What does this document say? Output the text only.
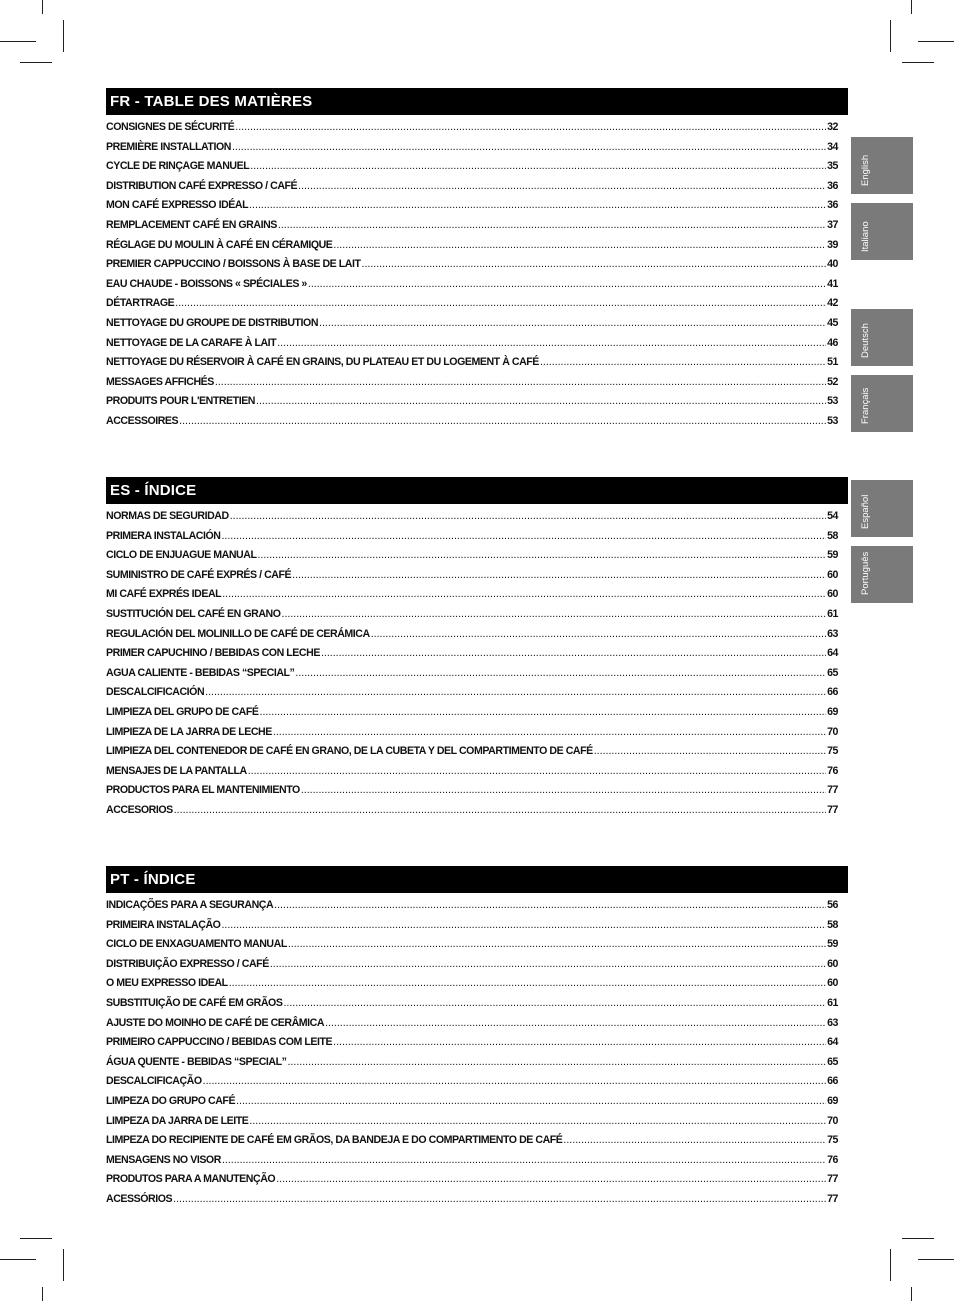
FR - TABLE DES MATIÈRES
CONSIGNES DE SÉCURITÉ .....	32
PREMIÈRE INSTALLATION .....	34
CYCLE DE RINÇAGE MANUEL .....	35
DISTRIBUTION CAFÉ EXPRESSO / CAFÉ .....	36
MON CAFÉ EXPRESSO IDÉAL .....	36
REMPLACEMENT CAFÉ EN GRAINS .....	37
RÉGLAGE DU MOULIN À CAFÉ EN CÉRAMIQUE .....	39
PREMIER CAPPUCCINO / BOISSONS À BASE DE LAIT .....	40
EAU CHAUDE - BOISSONS « SPÉCIALES » .....	41
DÉTARTRAGE .....	42
NETTOYAGE DU GROUPE DE DISTRIBUTION .....	45
NETTOYAGE DE LA CARAFE À LAIT .....	46
NETTOYAGE DU RÉSERVOIR À CAFÉ EN GRAINS, DU PLATEAU ET DU LOGEMENT À CAFÉ .....	51
MESSAGES AFFICHÉS .....	52
PRODUITS POUR L'ENTRETIEN .....	53
ACCESSOIRES .....	53
ES - ÍNDICE
NORMAS DE SEGURIDAD .....	54
PRIMERA INSTALACIÓN .....	58
CICLO DE ENJUAGUE MANUAL .....	59
SUMINISTRO DE CAFÉ EXPRÉS / CAFÉ .....	60
MI CAFÉ EXPRÉS IDEAL .....	60
SUSTITUCIÓN DEL CAFÉ EN GRANO .....	61
REGULACIÓN DEL MOLINILLO DE CAFÉ DE CERÁMICA .....	63
PRIMER CAPUCHINO / BEBIDAS CON LECHE .....	64
AGUA CALIENTE - BEBIDAS “SPECIAL” .....	65
DESCALCIFICACIÓN .....	66
LIMPIEZA DEL GRUPO DE CAFÉ .....	69
LIMPIEZA DE LA JARRA DE LECHE .....	70
LIMPIEZA DEL CONTENEDOR DE CAFÉ EN GRANO, DE LA CUBETA Y DEL COMPARTIMENTO DE CAFÉ .....	75
MENSAJES DE LA PANTALLA .....	76
PRODUCTOS PARA EL MANTENIMIENTO .....	77
ACCESORIOS .....	77
PT - ÍNDICE
INDICAÇÕES PARA A SEGURANÇA .....	56
PRIMEIRA INSTALAÇÃO .....	58
CICLO DE ENXAGUAMENTO MANUAL .....	59
DISTRIBUIÇÃO EXPRESSO / CAFÉ .....	60
O MEU EXPRESSO IDEAL .....	60
SUBSTITUIÇÃO DE CAFÉ EM GRÃOS .....	61
AJUSTE DO MOINHO DE CAFÉ DE CERÂMICA .....	63
PRIMEIRO CAPPUCCINO / BEBIDAS COM LEITE .....	64
ÁGUA QUENTE - BEBIDAS “SPECIAL” .....	65
DESCALCIFICAÇÃO .....	66
LIMPEZA DO GRUPO CAFÉ .....	69
LIMPEZA DA JARRA DE LEITE .....	70
LIMPEZA DO RECIPIENTE DE CAFÉ EM GRÃOS, DA BANDEJA E DO COMPARTIMENTO DE CAFÉ .....	75
MENSAGENS NO VISOR .....	76
PRODUTOS PARA A MANUTENÇÃO .....	77
ACESSÓRIOS .....	77
English
Italiano
Deutsch
Français
Español
Português
